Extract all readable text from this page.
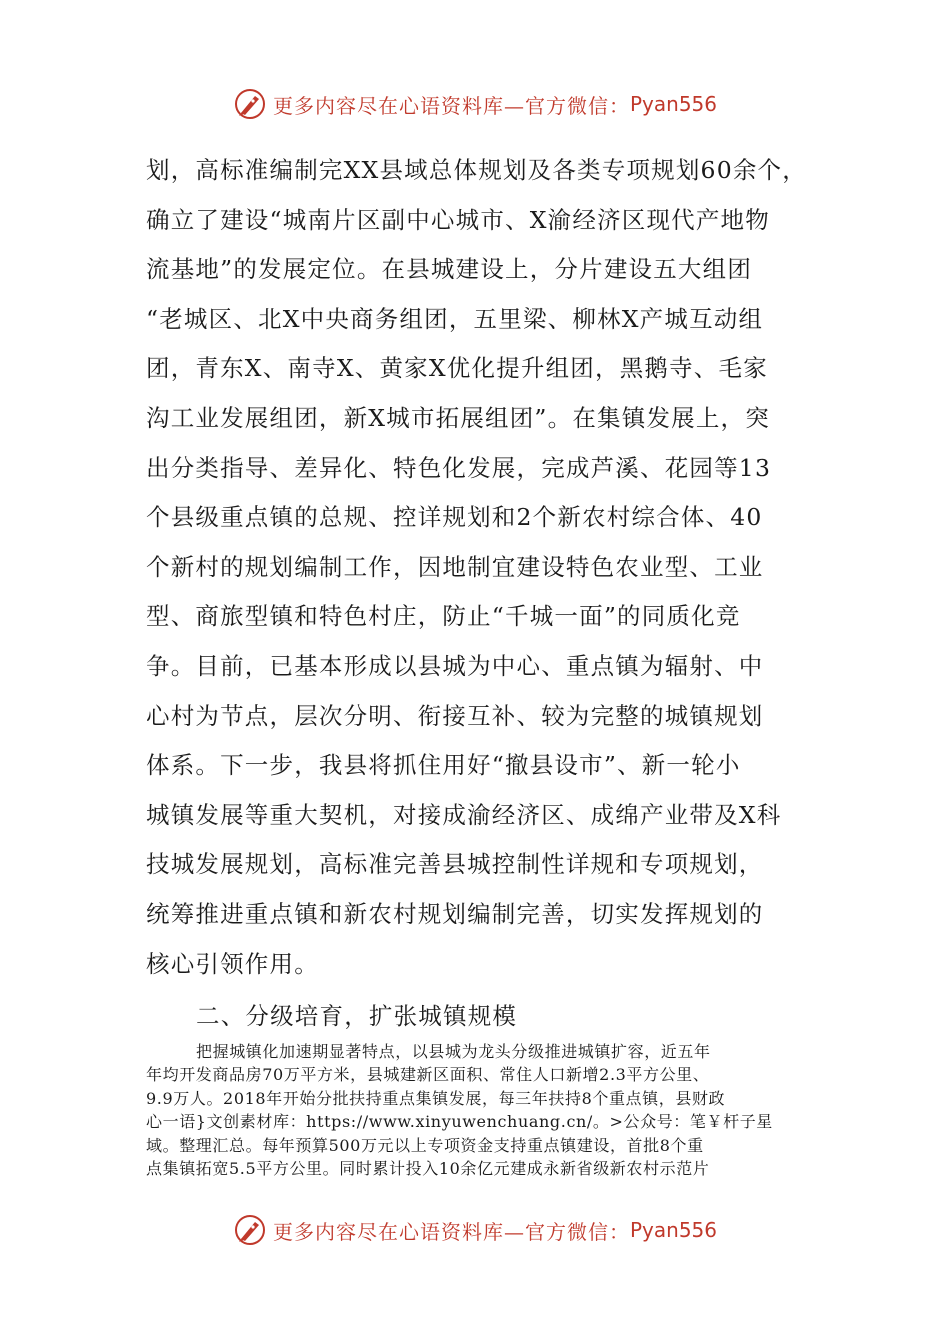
更多内容尽在心语资料库—官方微信： Pyan556
划，高标准编制完XX县域总体规划及各类专项规划60余个，
确立了建设“城南片区副中心城市、X渝经济区现代产地物
流基地”的发展定位。在县城建设上，分片建设五大组团
“老城区、北X中央商务组团，五里梁、柳林X产城互动组
团，青东X、南寺X、黄家X优化提升组团，黑鹅寺、毛家
沟工业发展组团，新X城市拓展组团”。在集镇发展上，突
出分类指导、差异化、特色化发展，完成芦溪、花园等13
个县级重点镇的总规、控详规划和2个新农村综合体、40
个新村的规划编制工作，因地制宜建设特色农业型、工业
型、商旅型镇和特色村庄，防止“千城一面”的同质化竞
争。目前，已基本形成以县城为中心、重点镇为辐射、中
心村为节点，层次分明、衔接互补、较为完整的城镇规划
体系。下一步，我县将抓住用好“撤县设市”、新一轮小
城镇发展等重大契机，对接成渝经济区、成绵产业带及X科
技城发展规划，高标准完善县城控制性详规和专项规划，
统筹推进重点镇和新农村规划编制完善，切实发挥规划的
核心引领作用。
二、分级培育，扩张城镇规模
把握城镇化加速期显著特点，以县城为龙头分级推进城镇扩容，近五年
年均开发商品房70万平方米，县城建新区面积、常住人口新增2.3平方公里、
9.9万人。2018年开始分批扶持重点集镇发展，每三年扶持8个重点镇，县财政
心一语}文创素材库：https://www.xinyuwenchuang.cn/。>公众号：笔￥杆子星
域。整理汇总。每年预算500万元以上专项资金支持重点镇建设，首批8个重
点集镇拓宽5.5平方公里。同时累计投入10余亿元建成永新省级新农村示范片
更多内容尽在心语资料库—官方微信： Pyan556
